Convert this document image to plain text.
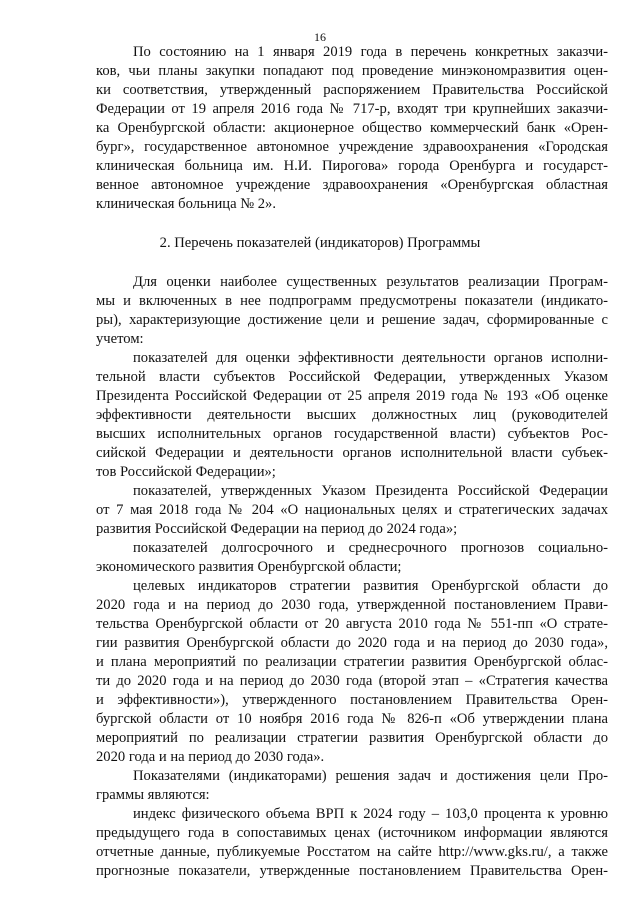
16
По состоянию на 1 января 2019 года в перечень конкретных заказчи-
ков, чьи планы закупки попадают под проведение минэкономразвития оцен-
ки соответствия, утвержденный распоряжением Правительства Российской
Федерации от 19 апреля 2016 года № 717-р, входят три крупнейших заказчи-
ка Оренбургской области: акционерное общество коммерческий банк «Орен-
бург», государственное автономное учреждение здравоохранения «Городская
клиническая больница им. Н.И. Пирогова» города Оренбурга и государст-
венное автономное учреждение здравоохранения «Оренбургская областная
клиническая больница № 2».
2. Перечень показателей (индикаторов) Программы
Для оценки наиболее существенных результатов реализации Програм-
мы и включенных в нее подпрограмм предусмотрены показатели (индикато-
ры), характеризующие достижение цели и решение задач, сформированные с
учетом:
показателей для оценки эффективности деятельности органов исполни-
тельной власти субъектов Российской Федерации, утвержденных Указом
Президента Российской Федерации от 25 апреля 2019 года № 193 «Об оценке
эффективности деятельности высших должностных лиц (руководителей
высших исполнительных органов государственной власти) субъектов Рос-
сийской Федерации и деятельности органов исполнительной власти субъек-
тов Российской Федерации»;
показателей, утвержденных Указом Президента Российской Федерации
от 7 мая 2018 года № 204 «О национальных целях и стратегических задачах
развития Российской Федерации на период до 2024 года»;
показателей долгосрочного и среднесрочного прогнозов социально-
экономического развития Оренбургской области;
целевых индикаторов стратегии развития Оренбургской области до
2020 года и на период до 2030 года, утвержденной постановлением Прави-
тельства Оренбургской области от 20 августа 2010 года № 551-пп «О страте-
гии развития Оренбургской области до 2020 года и на период до 2030 года»,
и плана мероприятий по реализации стратегии развития Оренбургской облас-
ти до 2020 года и на период до 2030 года (второй этап – «Стратегия качества
и эффективности»), утвержденного постановлением Правительства Орен-
бургской области от 10 ноября 2016 года № 826-п «Об утверждении плана
мероприятий по реализации стратегии развития Оренбургской области до
2020 года и на период до 2030 года».
Показателями (индикаторами) решения задач и достижения цели Про-
граммы являются:
индекс физического объема ВРП к 2024 году – 103,0 процента к уровню
предыдущего года в сопоставимых ценах (источником информации являются
отчетные данные, публикуемые Росстатом на сайте http://www.gks.ru/, а также
прогнозные показатели, утвержденные постановлением Правительства Орен-
